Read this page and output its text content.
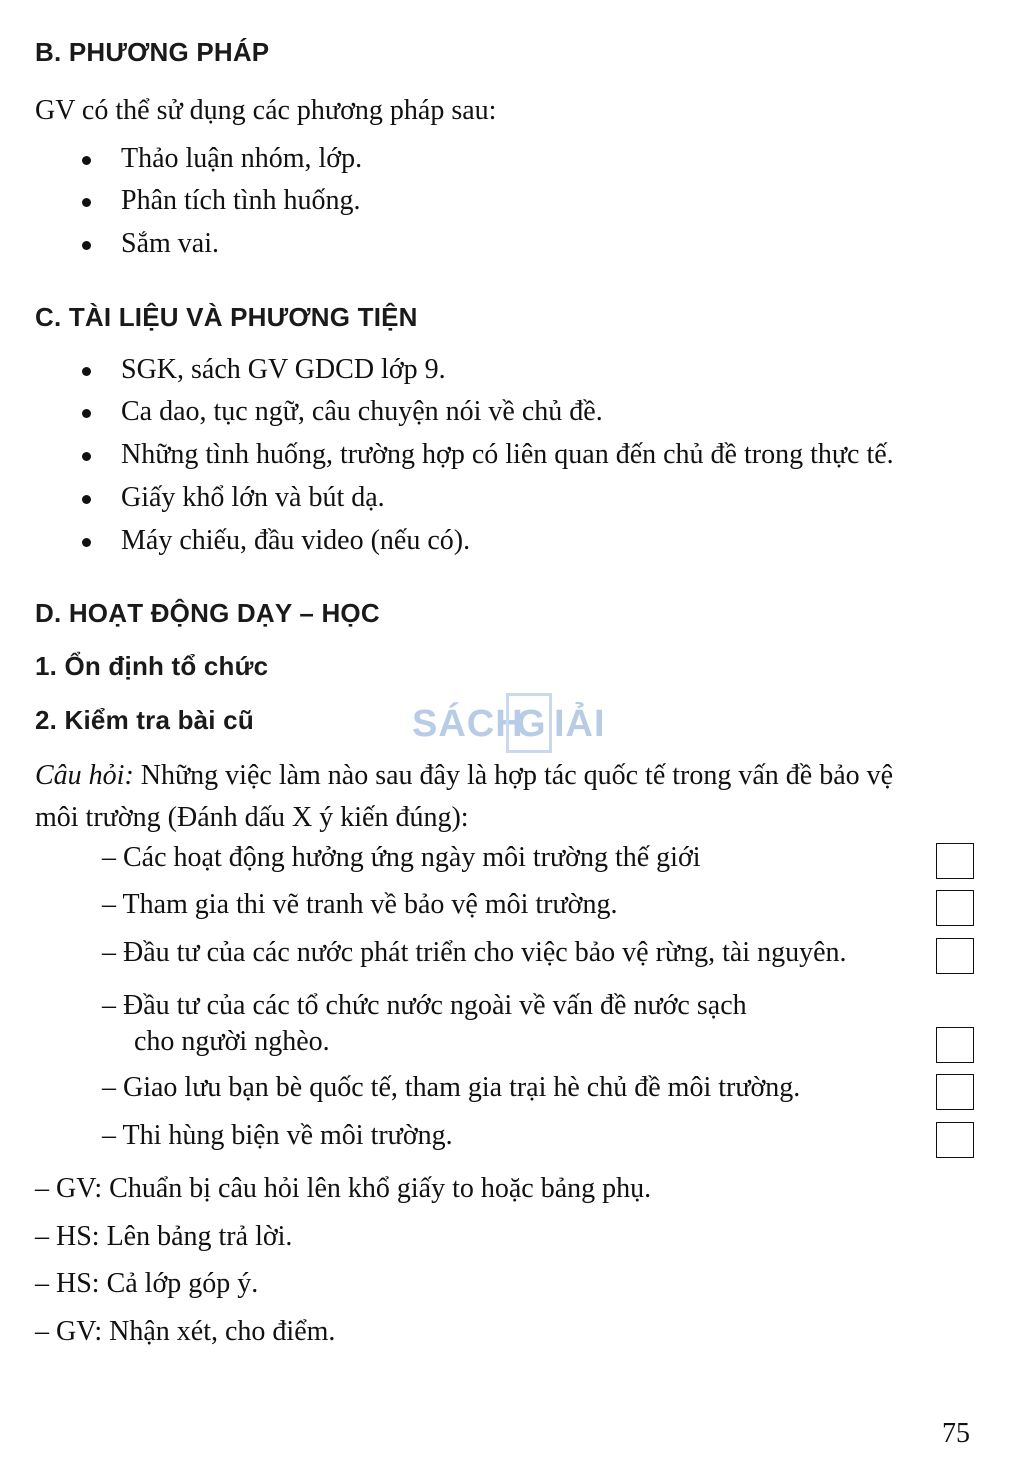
B. PHƯƠNG PHÁP

GV có thể sử dụng các phương pháp sau:

Thảo luận nhóm, lớp.
Phân tích tình huống.
Sắm vai.
C. TÀI LIỆU VÀ PHƯƠNG TIỆN
SGK, sách GV GDCD lớp 9.
Ca dao, tục ngữ, câu chuyện nói về chủ đề.
Những tình huống, trường hợp có liên quan đến chủ đề trong thực tế.
Giấy khổ lớn và bút dạ.
Máy chiếu, đầu video (nếu có).
D. HOẠT ĐỘNG DẠY – HỌC
1. Ổn định tổ chức
2. Kiểm tra bài cũ	SÁCH
G IẢI

Câu hỏi: Những việc làm nào sau đây là hợp tác quốc tế trong vấn đề bảo vệ

môi trường (Đánh dấu X ý kiến đúng):

– Các hoạt động hưởng ứng ngày môi trường thế giới
– Tham gia thi vẽ tranh về bảo vệ môi trường.
– Đầu tư của các nước phát triển cho việc bảo vệ rừng, tài nguyên.
– Đầu tư của các tổ chức nước ngoài về vấn đề nước sạch
cho người nghèo.
– Giao lưu bạn bè quốc tế, tham gia trại hè chủ đề môi trường.
– Thi hùng biện về môi trường.

– GV: Chuẩn bị câu hỏi lên khổ giấy to hoặc bảng phụ.

– HS: Lên bảng trả lời.

– HS: Cả lớp góp ý.

– GV: Nhận xét, cho điểm.

75
